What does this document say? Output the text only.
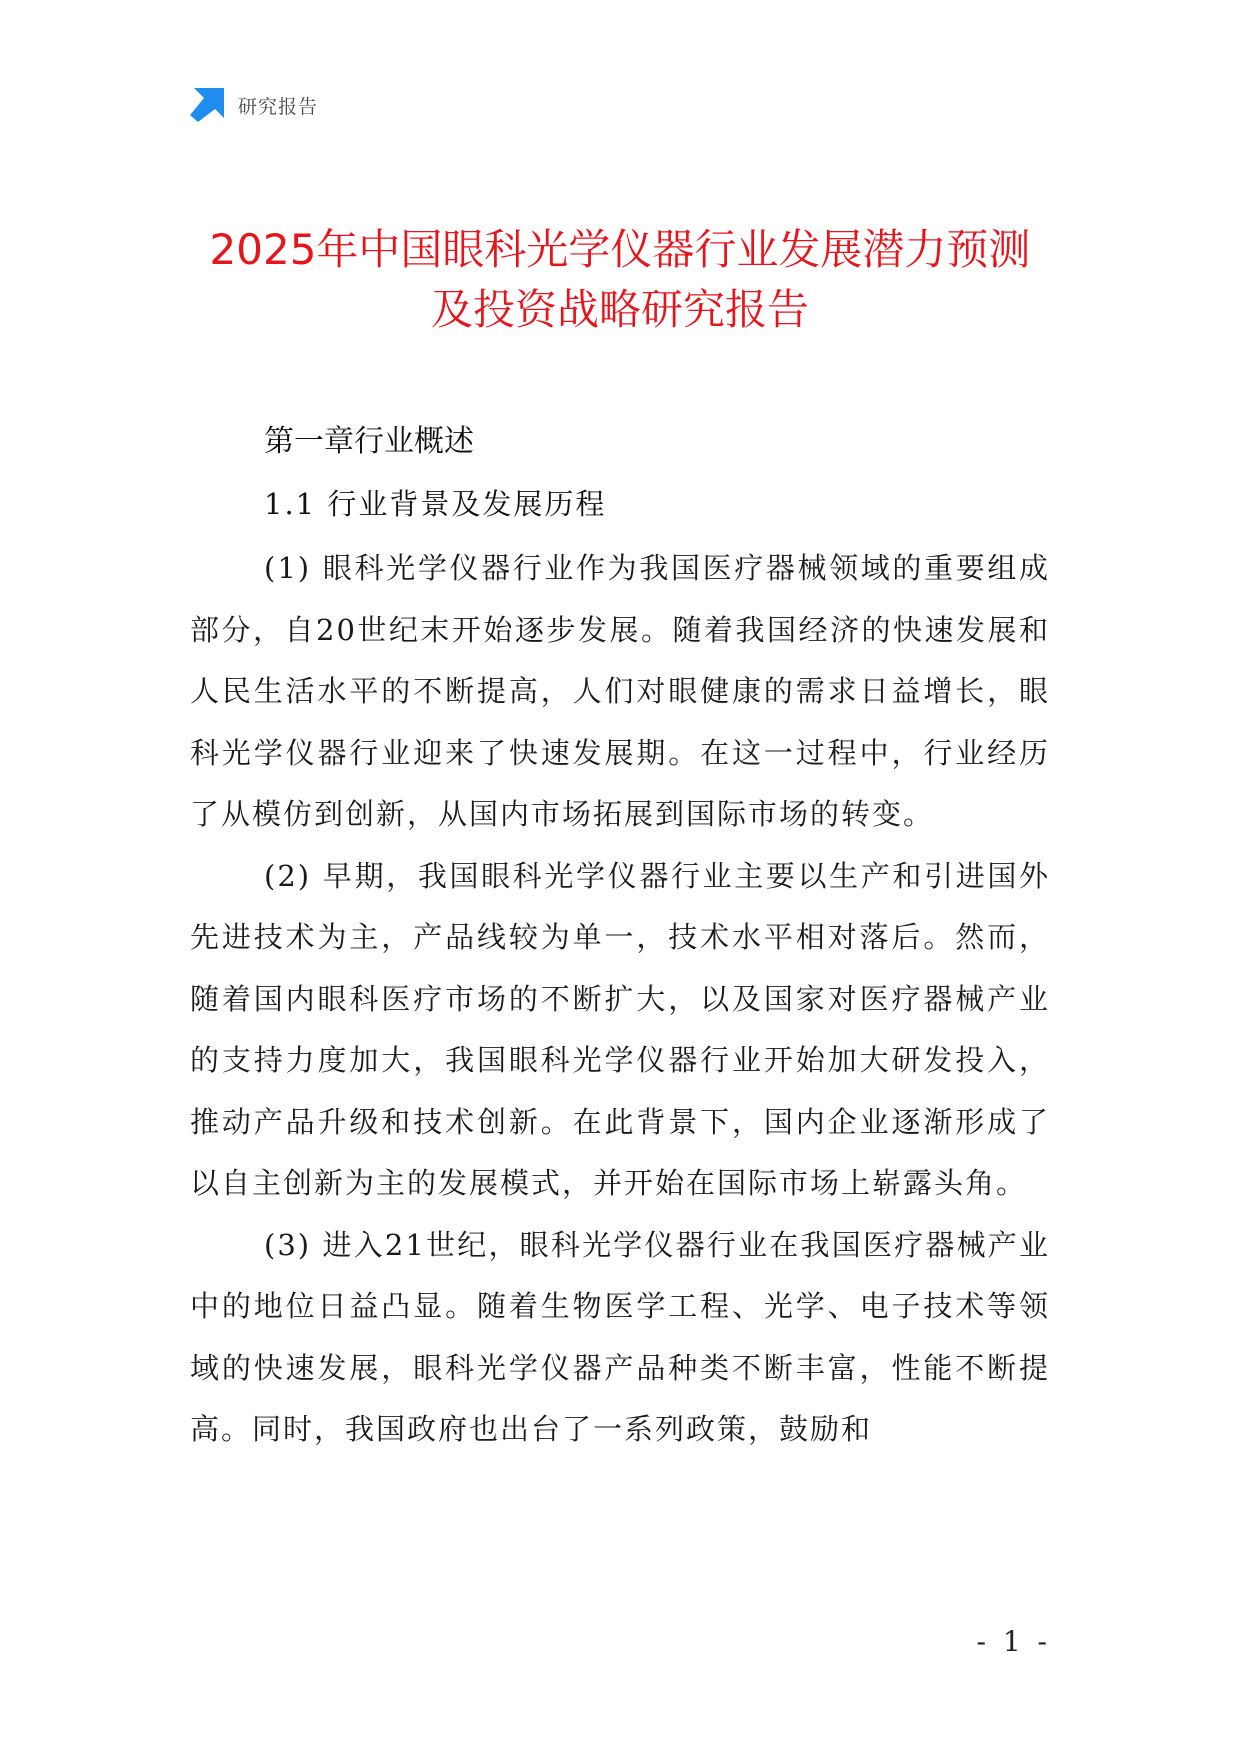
研究报告
2025年中国眼科光学仪器行业发展潜力预测及投资战略研究报告
第一章行业概述
1.1 行业背景及发展历程

(1) 眼科光学仪器行业作为我国医疗器械领域的重要组成部分，自20世纪末开始逐步发展。随着我国经济的快速发展和人民生活水平的不断提高，人们对眼健康的需求日益增长，眼科光学仪器行业迎来了快速发展期。在这一过程中，行业经历了从模仿到创新，从国内市场拓展到国际市场的转变。

(2) 早期，我国眼科光学仪器行业主要以生产和引进国外先进技术为主，产品线较为单一，技术水平相对落后。然而，随着国内眼科医疗市场的不断扩大，以及国家对医疗器械产业的支持力度加大，我国眼科光学仪器行业开始加大研发投入，推动产品升级和技术创新。在此背景下，国内企业逐渐形成了以自主创新为主的发展模式，并开始在国际市场上崭露头角。

(3) 进入21世纪，眼科光学仪器行业在我国医疗器械产业中的地位日益凸显。随着生物医学工程、光学、电子技术等领域的快速发展，眼科光学仪器产品种类不断丰富，性能不断提高。同时，我国政府也出台了一系列政策，鼓励和

- 1 -
